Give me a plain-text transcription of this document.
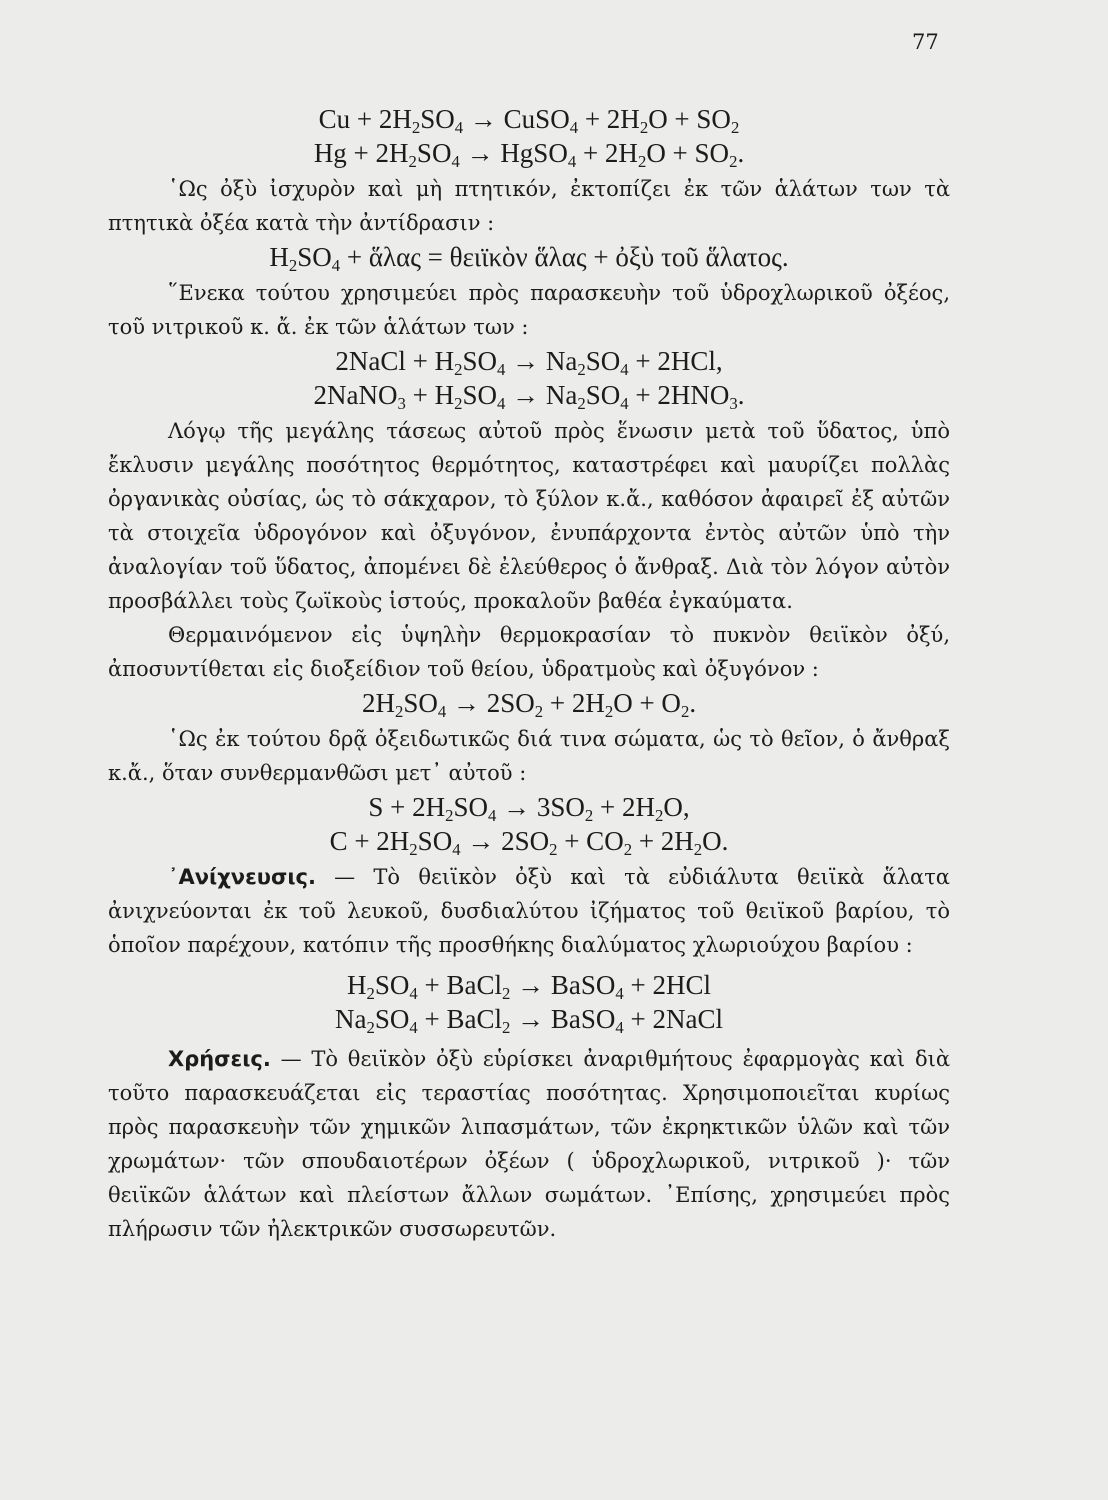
77
$Cu + 2H_2SO_4$ → CuSO$_4$ + $2H_2O + SO_2$
$Hg + 2H_2SO_4$ → HgSO$_4$ + $2H_2O + SO_2$.

῾Ως ὀξὺ ἰσχυρὸν καὶ μὴ πτητικόν, ἐκτοπίζει ἐκ τῶν ἁλάτων των τὰ πτητικὰ ὀξέα κατὰ τὴν ἀντίδρασιν :

$H_2SO_4$ + ἅλας = θειϊκὸν ἅλας + ὀξὺ τοῦ ἅλατος.

῞Ενεκα τούτου χρησιμεύει πρὸς παρασκευὴν τοῦ ὑδροχλωρικοῦ ὀξέος, τοῦ νιτρικοῦ κ. ἄ. ἐκ τῶν ἁλάτων των :

2NaCl + $H_2SO_4 \to Na_2SO_4 + 2HCl$,
2NaNO$_3$ + $H_2SO_4 \to Na_2SO_4 + 2HNO_3$.

Λόγῳ τῆς μεγάλης τάσεως αὐτοῦ πρὸς ἕνωσιν μετὰ τοῦ ὕδατος, ὑπὸ ἔκλυσιν μεγάλης ποσότητος θερμότητος, καταστρέφει καὶ μαυρίζει πολλὰς ὀργανικὰς οὐσίας, ὡς τὸ σάκχαρον, τὸ ξύλον κ.ἄ., καθόσον ἀφαιρεῖ ἐξ αὐτῶν τὰ στοιχεῖα ὑδρογόνον καὶ ὀξυγόνον, ἐνυπάρχοντα ἐντὸς αὐτῶν ὑπὸ τὴν ἀναλογίαν τοῦ ὕδατος, ἀπομένει δὲ ἐλεύθερος ὁ ἄνθραξ. Διὰ τὸν λόγον αὐτὸν προσβάλλει τοὺς ζωϊκοὺς ἱστούς, προκαλοῦν βαθέα ἐγκαύματα.

Θερμαινόμενον εἰς ὑψηλὴν θερμοκρασίαν τὸ πυκνὸν θειϊκὸν ὀξύ, ἀποσυντίθεται εἰς διοξείδιον τοῦ θείου, ὑδρατμοὺς καὶ ὀξυγόνον :

$2H_2SO_4 \to 2SO_2 + 2H_2O + O_2$.

῾Ως ἐκ τούτου δρᾷ ὀξειδωτικῶς διά τινα σώματα, ὡς τὸ θεῖον, ὁ ἄνθραξ κ.ἄ., ὅταν συνθερμανθῶσι μετ᾽ αὐτοῦ :

$S + 2H_2SO_4 \to 3SO_2 + 2H_2O$,
$C + 2H_2SO_4 \to 2SO_2 + CO_2 + 2H_2O$.

᾽Ανίχνευσις. — Τὸ θειϊκὸν ὀξὺ καὶ τὰ εὐδιάλυτα θειϊκὰ ἅλατα ἀνιχνεύονται ἐκ τοῦ λευκοῦ, δυσδιαλύτου ἰζήματος τοῦ θειϊκοῦ βαρίου, τὸ ὁποῖον παρέχουν, κατόπιν τῆς προσθήκης διαλύματος χλωριούχου βαρίου :

$H_2SO_4$ + BaCl$_2$ → BaSO$_4$ + 2HCl
$Na_2SO_4$ + BaCl$_2$ → BaSO$_4$ + 2NaCl

Χρήσεις. — Τὸ θειϊκὸν ὀξὺ εὑρίσκει ἀναριθμήτους ἐφαρμογὰς καὶ διὰ τοῦτο παρασκευάζεται εἰς τεραστίας ποσότητας. Χρησιμοποιεῖται κυρίως πρὸς παρασκευὴν τῶν χημικῶν λιπασμάτων, τῶν ἐκρηκτικῶν ὑλῶν καὶ τῶν χρωμάτων· τῶν σπουδαιοτέρων ὀξέων ( ὑδροχλωρικοῦ, νιτρικοῦ )· τῶν θειϊκῶν ἁλάτων καὶ πλείστων ἄλλων σωμάτων. ᾽Επίσης, χρησιμεύει πρὸς πλήρωσιν τῶν ἠλεκτρικῶν συσσωρευτῶν.
